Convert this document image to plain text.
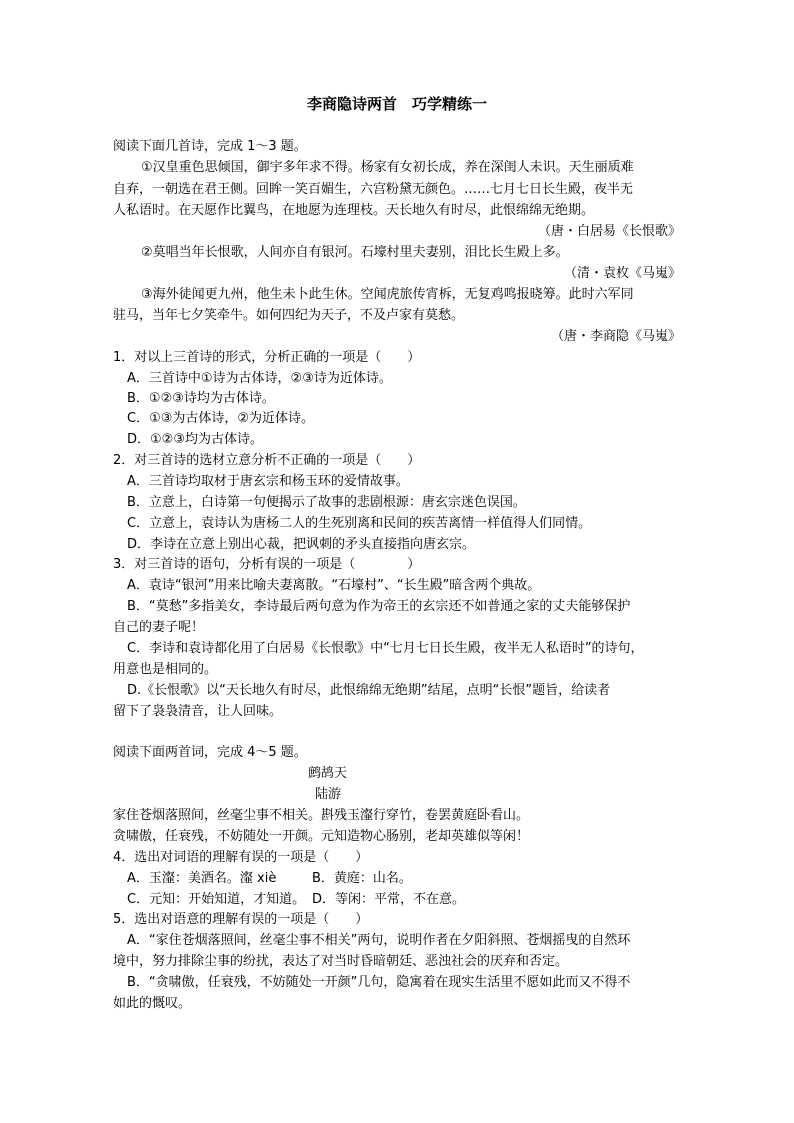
李商隐诗两首　巧学精练一
阅读下面几首诗，完成 1～3 题。
①汉皇重色思倾国，御宇多年求不得。杨家有女初长成，养在深闺人未识。天生丽质难
自弃，一朝选在君王侧。回眸一笑百媚生，六宫粉黛无颜色。……七月七日长生殿，夜半无
人私语时。在天愿作比翼鸟，在地愿为连理枝。天长地久有时尽，此恨绵绵无绝期。
（唐・白居易《长恨歌》
②莫唱当年长恨歌，人间亦自有银河。石壕村里夫妻别，泪比长生殿上多。
（清・袁枚《马嵬》
③海外徒闻更九州，他生未卜此生休。空闻虎旅传宵柝，无复鸡鸣报晓筹。此时六军同
驻马，当年七夕笑牵牛。如何四纪为天子，不及卢家有莫愁。
（唐・李商隐《马嵬》
1．对以上三首诗的形式，分析正确的一项是（　　）
A．三首诗中①诗为古体诗，②③诗为近体诗。
B．①②③诗均为古体诗。
C．①③为古体诗，②为近体诗。
D．①②③均为古体诗。
2．对三首诗的选材立意分析不正确的一项是（　　）
A．三首诗均取材于唐玄宗和杨玉环的爱情故事。
B．立意上，白诗第一句便揭示了故事的悲剧根源：唐玄宗迷色误国。
C．立意上，袁诗认为唐杨二人的生死别离和民间的疾苦离情一样值得人们同情。
D．李诗在立意上别出心裁，把讽刺的矛头直接指向唐玄宗。
3．对三首诗的语句，分析有误的一项是（　　　　）
A．袁诗“银河”用来比喻夫妻离散。“石壕村”、“长生殿”暗含两个典故。
B．“莫愁”多指美女，李诗最后两句意为作为帝王的玄宗还不如普通之家的丈夫能够保护
自己的妻子呢！
C．李诗和袁诗都化用了白居易《长恨歌》中“七月七日长生殿，夜半无人私语时”的诗句，
用意也是相同的。
D.《长恨歌》以“天长地久有时尽，此恨绵绵无绝期”结尾，点明“长恨”题旨，给读者
留下了袅袅清音，让人回味。
阅读下面两首词，完成 4～5 题。
鹧鸪天
陆游
家住苍烟落照间，丝毫尘事不相关。斟残玉瀣行穿竹，卷罢黄庭卧看山。
贪啸傲，任衰残，不妨随处一开颜。元知造物心肠别，老却英雄似等闲！
4．选出对词语的理解有误的一项是（　　）
A．玉瀣：美酒名。瀣 xiè	B．黄庭：山名。
C．元知：开始知道，才知道。 D．等闲：平常，不在意。
5．选出对语意的理解有误的一项是（　　）
A．“家住苍烟落照间，丝毫尘事不相关”两句，说明作者在夕阳斜照、苍烟摇曳的自然环
境中，努力排除尘事的纷扰，表达了对当时昏暗朝廷、恶浊社会的厌弃和否定。
B．“贪啸傲，任衰残，不妨随处一开颜”几句，隐寓着在现实生活里不愿如此而又不得不
如此的慨叹。
